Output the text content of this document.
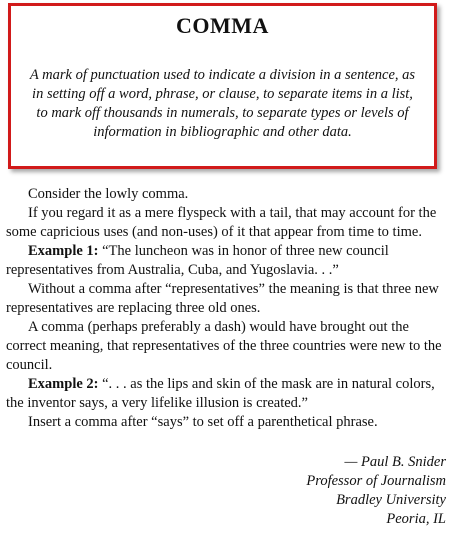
COMMA
A mark of punctuation used to indicate a division in a sentence, as in setting off a word, phrase, or clause, to separate items in a list, to mark off thousands in numerals, to separate types or levels of information in bibliographic and other data.

Consider the lowly comma.

If you regard it as a mere flyspeck with a tail, that may account for the some capricious uses (and non-uses) of it that appear from time to time.

Example 1: “The luncheon was in honor of three new council representatives from Australia, Cuba, and Yugoslavia. . .”

Without a comma after “representatives” the meaning is that three new representatives are replacing three old ones.

A comma (perhaps preferably a dash) would have brought out the correct meaning, that representatives of the three countries were new to the council.

Example 2: “. . . as the lips and skin of the mask are in natural colors, the inventor says, a very lifelike illusion is created.”

Insert a comma after “says” to set off a parenthetical phrase.

— Paul B. Snider
Professor of Journalism
Bradley University
Peoria, IL
